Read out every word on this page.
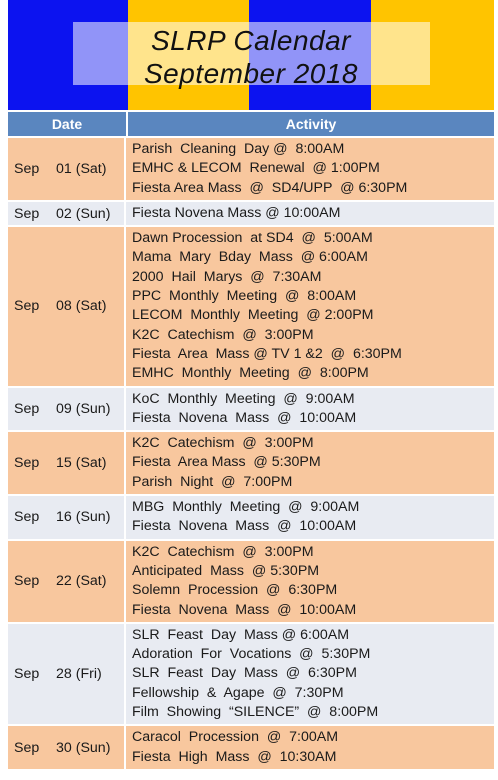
SLRP Calendar
September 2018
Date	Activity
Sep	01 (Sat)
Parish  Cleaning  Day @  8:00AM
EMHC & LECOM  Renewal  @ 1:00PM
Fiesta Area Mass  @  SD4/UPP  @ 6:30PM
Sep	02 (Sun) Fiesta Novena Mass @ 10:00AM
Sep	08 (Sat)
Dawn Procession  at SD4  @  5:00AM
Mama  Mary  Bday  Mass  @ 6:00AM
2000  Hail  Marys  @  7:30AM
PPC  Monthly  Meeting  @  8:00AM
LECOM  Monthly  Meeting  @ 2:00PM
K2C  Catechism  @  3:00PM
Fiesta  Area  Mass @ TV 1 &2  @  6:30PM
EMHC  Monthly  Meeting  @  8:00PM
Sep	09 (Sun)
KoC  Monthly  Meeting  @  9:00AM
Fiesta  Novena  Mass  @  10:00AM
Sep	15 (Sat)
K2C  Catechism  @  3:00PM
Fiesta  Area Mass  @ 5:30PM
Parish  Night  @  7:00PM
Sep	16 (Sun)
MBG  Monthly  Meeting  @  9:00AM
Fiesta  Novena  Mass  @  10:00AM
Sep	22 (Sat)
K2C  Catechism  @  3:00PM
Anticipated  Mass  @ 5:30PM
Solemn  Procession  @  6:30PM
Fiesta  Novena  Mass  @  10:00AM
Sep	28 (Fri)
SLR  Feast  Day  Mass @ 6:00AM
Adoration  For  Vocations  @  5:30PM
SLR  Feast  Day  Mass  @  6:30PM
Fellowship  &  Agape  @  7:30PM
Film  Showing  “SILENCE”  @  8:00PM
Sep	30 (Sun)
Caracol  Procession  @  7:00AM
Fiesta  High  Mass  @  10:30AM
